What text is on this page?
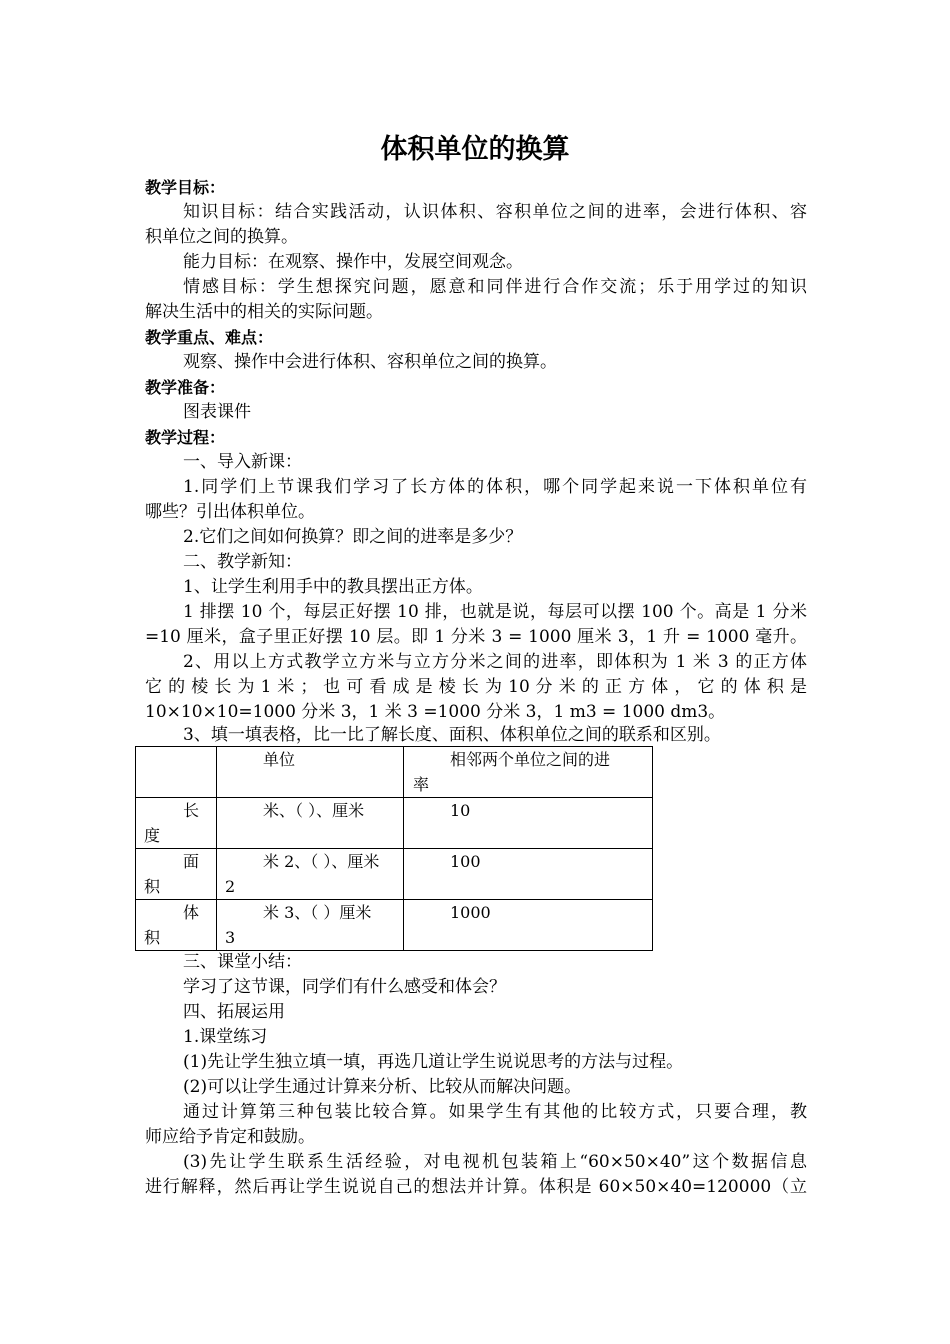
体积单位的换算
教学目标：
知识目标：结合实践活动，认识体积、容积单位之间的进率，会进行体积、容
积单位之间的换算。
能力目标：在观察、操作中，发展空间观念。
情感目标：学生想探究问题，愿意和同伴进行合作交流；乐于用学过的知识
解决生活中的相关的实际问题。
教学重点、难点：
观察、操作中会进行体积、容积单位之间的换算。
教学准备：
图表课件
教学过程：
一、导入新课：
1.同学们上节课我们学习了长方体的体积，哪个同学起来说一下体积单位有
哪些？引出体积单位。
2.它们之间如何换算？即之间的进率是多少？
二、教学新知：
1、让学生利用手中的教具摆出正方体。
1 排摆 10 个，每层正好摆 10 排，也就是说，每层可以摆 100 个。高是 1 分米
=10 厘米，盒子里正好摆 10 层。即 1 分米 3 = 1000 厘米 3，1 升 = 1000 毫升。
2、用以上方式教学立方米与立方分米之间的进率，即体积为 1 米 3 的正方体
它 的 棱 长 为 1 米 ； 也 可 看 成 是 棱 长 为 10 分 米 的 正 方 体 ， 它 的 体 积 是
10×10×10=1000 分米 3，1 米 3 =1000 分米 3，1 m3 = 1000 dm3。
3、填一填表格，比一比了解长度、面积、体积单位之间的联系和区别。

	单位	相邻两个单位之间的进
率

长
度	米、（ ）、厘米	10

面
积	米 2、（ ）、厘米
2	100

体
积	米 3、（ ）厘米
3	1000
三、课堂小结：
学习了这节课，同学们有什么感受和体会？
四、拓展运用
1.课堂练习
(1)先让学生独立填一填，再选几道让学生说说思考的方法与过程。
(2)可以让学生通过计算来分析、比较从而解决问题。
通过计算第三种包装比较合算。如果学生有其他的比较方式，只要合理，教
师应给予肯定和鼓励。
(3)先让学生联系生活经验，对电视机包装箱上“60×50×40”这个数据信息
进行解释，然后再让学生说说自己的想法并计算。体积是 60×50×40=120000（立
